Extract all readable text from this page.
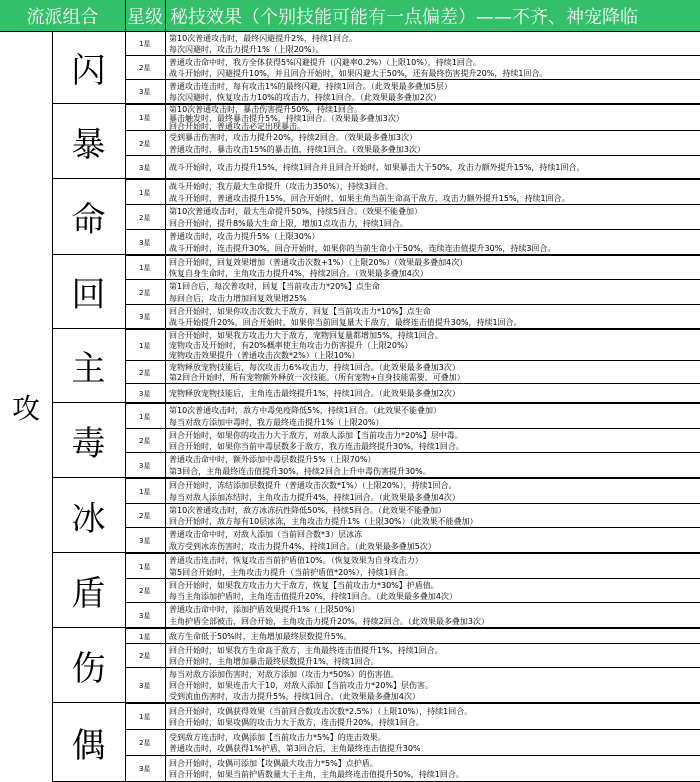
流派组合	星级 秘技效果（个别技能可能有一点偏差）——不齐、神宠降临
攻
闪
1星
第10次普通攻击时，最终闪避提升2%，持续1回合。
每次闪避时，攻击力提升1%（上限20%）。
2星
普通攻击命中时，我方全体获得5%闪避提升（闪避率0.2%）（上限10%），持续1回合。
战斗开始时，闪避提升10%，并且回合开始时，如果闪避大于50%，还有最终伤害提升20%，持续1回合。
3星
普通攻击连击时，每有攻击1%的最终闪避，持续1回合。（此效果最多叠加5层）
每次闪避时，恢复攻击力10%的攻击力，持续1回合。（此效果最多叠加2次）
暴
1星
第10次普通攻击时，暴击伤害提升50%，持续1回合。
暴击触发时，最终暴击提升5%，持续1回合。（效果最多叠加3次）
回合开始时，普通攻击必定出现暴击。
2星
受到暴击伤害时，攻击力提升20%，持续2回合。（效果最多叠加3次）
普通攻击时，暴击攻击15%的暴击值，持续1回合。（效果最多叠加3次）
3星	战斗开始时，攻击力提升15%，持续1回合并且回合开始时，如果暴击大于50%，攻击力额外提升15%，持续1回合。
命
1星
战斗开始时，我方最大生命提升（攻击力350%），持续3回合。
战斗开始时，普通攻击提升15%，回合开始时，如果主角当前生命高于敌方，攻击力额外提升15%，持续1回合。
2星
第10次普通攻击时，最大生命提升50%，持续5回合。（效果不能叠加）
回合开始时，提升8%最大生命上限，增加1点攻击力，持续1回合。
3星
普通攻击时，攻击力提升5%（上限30%）
战斗开始时，连击提升30%，回合开始时，如果你的当前生命小于50%，连续连击值提升30%，持续3回合。
回
1星
回合开始时，回复效果增加（普通攻击次数+1%）（上限20%）（效果最多叠加4次）
恢复自身生命时，主角攻击力提升4%，持续2回合。（效果最多叠加4次）
2星
第1回合后，每次普攻时，回复【当前攻击力*20%】点生命
每回合后，攻击力增加回复效果增25%
3星
回合开始时，如果你攻击次数大于敌方，回复【当前攻击力*10%】点生命
战斗开始提升20%，回合开始时，如果你当前回复量大于敌方，最终连击值提升30%，持续1回合。
主
1星
回合开始时，如果我方攻击力大于敌方，宠物回复量都增加5%，持续1回合。
宠物攻击及开始时，有20%概率使主角攻击力伤害提升（上限20%）
宠物攻击效果提升（普通攻击次数*2%）（上限10%）
2星
宠物释放宠物技能后，每次攻击力6%攻击力，持续1回合。（此效果最多叠加3次）
第2回合开始时，所有宠物额外释放一次技能。（所有宠物+自身技能需要，可叠加）
3星	宠物释放宠物技能后，主角连击最终提升1%，持续1回合。（此效果最多叠加2次）
毒
1星
第10次普通攻击时，敌方中毒免疫降低5%，持续1回合。（此效果不能叠加）
每当对敌方添加中毒时，我方最终连击提升1%（上限20%）
2星
回合开始时，如果你的攻击力大于敌方，对敌人添加【当前攻击力*20%】层中毒。
回合开始时，如果你当前中毒层数多于敌方，我方连击最终提升30%，持续1回合。
3星
普通攻击命中时，额外添加中毒层数提升5%（上限70%）
第3回合，主角最终连击值提升30%，持续2回合上升中毒伤害提升30%。
冰
1星
回合开始时，冻结添加层数提升（普通攻击次数*1%）（上限20%），持续1回合。
每当对敌人添加冻结时，主角攻击力提升4%，持续1回合。（此效果最多叠加4次）
2星
第10次普通攻击时，敌方冰冻抗性降低50%，持续5回合。（此效果不能叠加）
回合开始时，敌方每有10层冰冻，主角攻击力提升1%（上限30%）（此效果不能叠加）
3星
普通攻击命中时，对敌人添加（当前回合数*3）层冰冻
敌方受到冰冻伤害时，攻击力提升4%，持续1回合。（此效果最多叠加5次）
盾
1星
普通攻击连击时，恢复攻击当前护盾值10%。（恢复效果为自身攻击力）
第5回合开始时，主角攻击力提升（当前护盾值*20%），持续1回合。
2星
回合开始时，如果我方攻击力大于敌方，恢复【当前攻击力*30%】护盾值。
每当主角添加护盾时，主角连击值提升20%，持续1回合。（此效果最多叠加4次）
3星
普通攻击命中时，添加护盾效果提升1%（上限50%）
主角护盾全部被击，回合开始，主角攻击力提升20%，持续2回合。（此效果最多叠加3次）
伤
1星	敌方生命低于50%时，主角增加最终层数提升5%。
2星
回合开始时，如果我方生命高于敌方，主角最终连击值提升1%，持续1回合。
回合开始时，主角增加暴击最终层数提升1%，持续1回合。
3星
每当对敌方添加伤害时，对敌方添加（攻击力*50%）的伤害值。
回合开始时，如果连击大于10，对敌人添加【当前攻击力*20%】层伤害。
受到流血伤害时，攻击力提升5%，持续1回合。（此效果最多叠加4次）
偶
1星
回合开始时，攻偶获得效果（当前回合数攻击次数*2.5%）（上限10%），持续1回合。
回合开始时，如果攻偶的攻击力大于敌方，连击提升20%，持续1回合。
2星
受到敌方连击时，攻偶添加【当前攻击力*5%】的连击效果。
普通攻击时，攻偶获得1%护盾，第3回合后，主角最终连击值提升30%
3星
回合开始时，攻偶可添加【攻偶最大攻击力*5%】点护盾。
回合开始时，如果当前护盾数量大于主角，主角最终连击值提升50%，持续1回合。
